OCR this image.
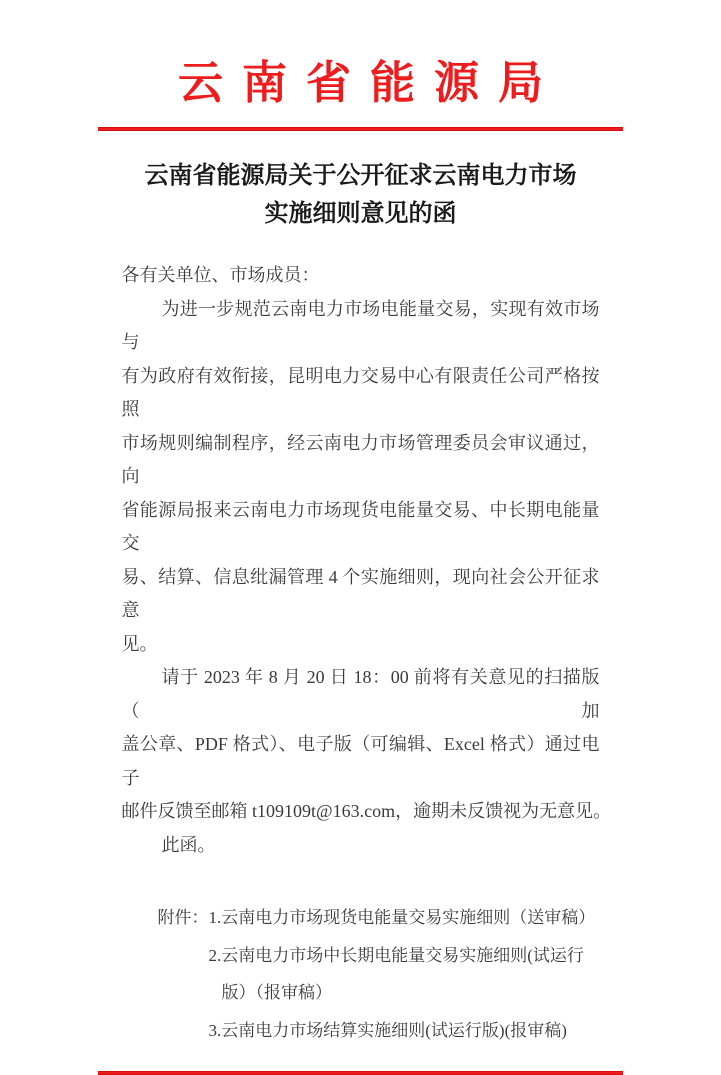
云南省能源局
云南省能源局关于公开征求云南电力市场
实施细则意见的函
各有关单位、市场成员：
为进一步规范云南电力市场电能量交易，实现有效市场与
有为政府有效衔接，昆明电力交易中心有限责任公司严格按照
市场规则编制程序，经云南电力市场管理委员会审议通过，向
省能源局报来云南电力市场现货电能量交易、中长期电能量交
易、结算、信息纰漏管理 4 个实施细则，现向社会公开征求意
见。
请于 2023 年 8 月 20 日 18：00 前将有关意见的扫描版（加
盖公章、PDF 格式）、电子版（可编辑、Excel 格式）通过电子
邮件反馈至邮箱 t109109t@163.com，逾期未反馈视为无意见。
此函。
附件：1.云南电力市场现货电能量交易实施细则（送审稿）
2.云南电力市场中长期电能量交易实施细则(试运行
版）（报审稿）
3.云南电力市场结算实施细则(试运行版)(报审稿)
